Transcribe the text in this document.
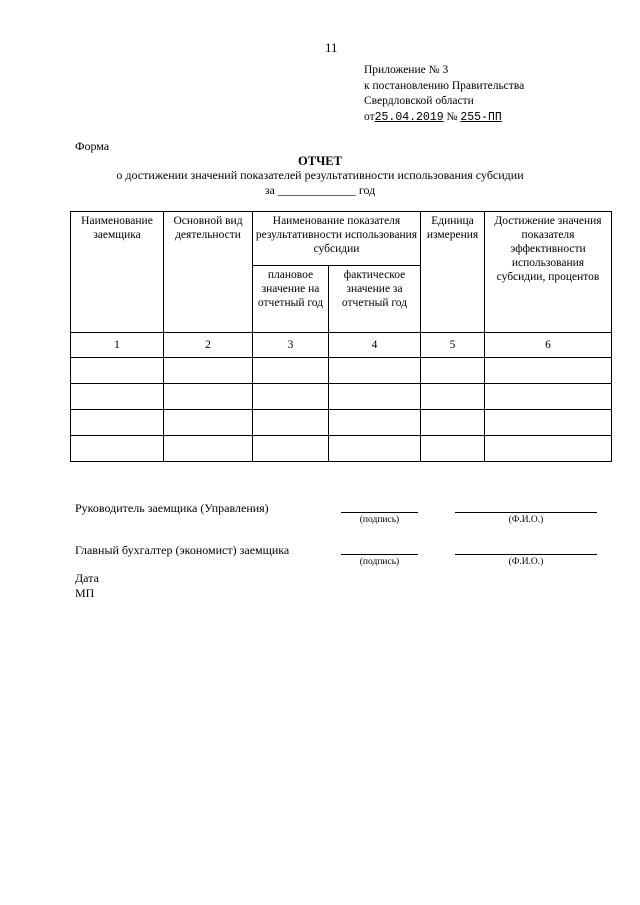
11
Приложение № 3
к постановлению Правительства
Свердловской области
от25.04.2019 № 255-ПП
Форма
ОТЧЕТ
о достижении значений показателей результативности использования субсидии
за _____________ год
Наименование заемщика	Основной вид деятельности	Наименование показателя результативности использования субсидии		Единица измерения	Достижение значения показателя эффективности использования субсидии, процентов
		плановое значение на отчетный год	фактическое значение за отчетный год		
1	2	3	4	5	6

Руководитель заемщика (Управления)
(подпись)	(Ф.И.О.)
Главный бухгалтер (экономист) заемщика
(подпись)	(Ф.И.О.)
Дата
МП
